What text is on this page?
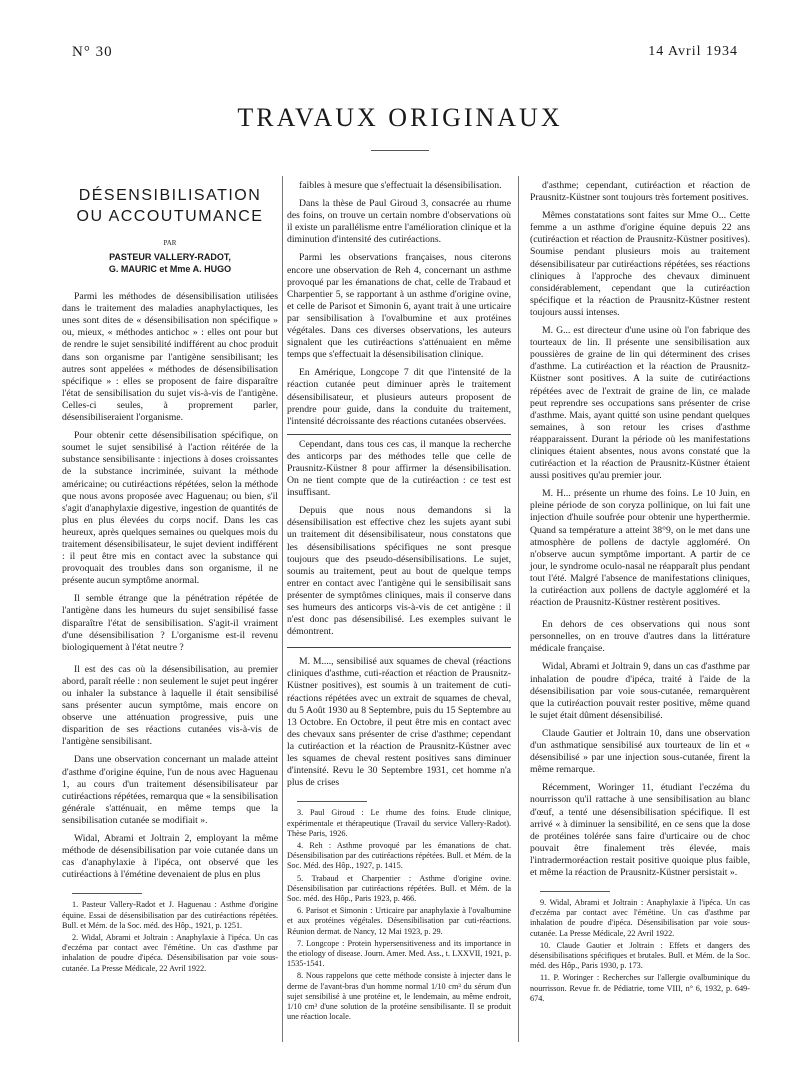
N° 30	14 Avril 1934
TRAVAUX ORIGINAUX
DÉSENSIBILISATION
OU ACCOUTUMANCE
PAR
PASTEUR VALLERY-RADOT,
G. MAURIC et Mme A. HUGO

Parmi les méthodes de désensibilisation utilisées dans le traitement des maladies anaphylactiques, les unes sont dites de « désensibilisation non spécifique » ou, mieux, « méthodes antichoc » : elles ont pour but de rendre le sujet sensibilité indifférent au choc produit dans son organisme par l'antigène sensibilisant; les autres sont appelées « méthodes de désensibilisation spécifique » : elles se proposent de faire disparaître l'état de sensibilisation du sujet vis-à-vis de l'antigène. Celles-ci seules, à proprement parler, désensibiliseraient l'organisme.

Pour obtenir cette désensibilisation spécifique, on soumet le sujet sensibilisé à l'action réitérée de la substance sensibilisante : injections à doses croissantes de la substance incriminée, suivant la méthode américaine; ou cutiréactions répétées, selon la méthode que nous avons proposée avec Haguenau; ou bien, s'il s'agit d'anaphylaxie digestive, ingestion de quantités de plus en plus élevées du corps nocif. Dans les cas heureux, après quelques semaines ou quelques mois du traitement désensibilisateur, le sujet devient indifférent : il peut être mis en contact avec la substance qui provoquait des troubles dans son organisme, il ne présente aucun symptôme anormal.

Il semble étrange que la pénétration répétée de l'antigène dans les humeurs du sujet sensibilisé fasse disparaître l'état de sensibilisation. S'agit-il vraiment d'une désensibilisation ? L'organisme est-il revenu biologiquement à l'état neutre ?

Il est des cas où la désensibilisation, au premier abord, paraît réelle : non seulement le sujet peut ingérer ou inhaler la substance à laquelle il était sensibilisé sans présenter aucun symptôme, mais encore on observe une atténuation progressive, puis une disparition de ses réactions cutanées vis-à-vis de l'antigène sensibilisant.

Dans une observation concernant un malade atteint d'asthme d'origine équine, l'un de nous avec Haguenau 1, au cours d'un traitement désensibilisateur par cutiréactions répétées, remarqua que « la sensibilisation générale s'atténuait, en même temps que la sensibilisation cutanée se modifiait ».

Widal, Abrami et Joltrain 2, employant la même méthode de désensibilisation par voie cutanée dans un cas d'anaphylaxie à l'ipéca, ont observé que les cutiréactions à l'émétine devenaient de plus en plus

1. Pasteur Vallery-Radot et J. Haguenau : Asthme d'origine équine. Essai de désensibilisation par des cutiréactions répétées. Bull. et Mém. de la Soc. méd. des Hôp., 1921, p. 1251.
2. Widal, Abrami et Joltrain : Anaphylaxie à l'ipéca. Un cas d'eczéma par contact avec l'émétine. Un cas d'asthme par inhalation de poudre d'ipéca. Désensibilisation par voie sous-cutanée. La Presse Médicale, 22 Avril 1922.

faibles à mesure que s'effectuait la désensibilisation.

Dans la thèse de Paul Giroud 3, consacrée au rhume des foins, on trouve un certain nombre d'observations où il existe un parallélisme entre l'amélioration clinique et la diminution d'intensité des cutiréactions.

Parmi les observations françaises, nous citerons encore une observation de Reh 4, concernant un asthme provoqué par les émanations de chat, celle de Trabaud et Charpentier 5, se rapportant à un asthme d'origine ovine, et celle de Parisot et Simonin 6, ayant trait à une urticaire par sensibilisation à l'ovalbumine et aux protéines végétales. Dans ces diverses observations, les auteurs signalent que les cutiréactions s'atténuaient en même temps que s'effectuait la désensibilisation clinique.

En Amérique, Longcope 7 dit que l'intensité de la réaction cutanée peut diminuer après le traitement désensibilisateur, et plusieurs auteurs proposent de prendre pour guide, dans la conduite du traitement, l'intensité décroissante des réactions cutanées observées.

Cependant, dans tous ces cas, il manque la recherche des anticorps par des méthodes telle que celle de Prausnitz-Küstner 8 pour affirmer la désensibilisation. On ne tient compte que de la cutiréaction : ce test est insuffisant.

Depuis que nous nous demandons si la désensibilisation est effective chez les sujets ayant subi un traitement dit désensibilisateur, nous constatons que les désensibilisations spécifiques ne sont presque toujours que des pseudo-désensibilisations. Le sujet, soumis au traitement, peut au bout de quelque temps entrer en contact avec l'antigène qui le sensibilisait sans présenter de symptômes cliniques, mais il conserve dans ses humeurs des anticorps vis-à-vis de cet antigène : il n'est donc pas désensibilisé. Les exemples suivant le démontrent.

M. M...., sensibilisé aux squames de cheval (réactions cliniques d'asthme, cuti-réaction et réaction de Prausnitz-Küstner positives), est soumis à un traitement de cuti-réactions répétées avec un extrait de squames de cheval, du 5 Août 1930 au 8 Septembre, puis du 15 Septembre au 13 Octobre. En Octobre, il peut être mis en contact avec des chevaux sans présenter de crise d'asthme; cependant la cutiréaction et la réaction de Prausnitz-Küstner avec les squames de cheval restent positives sans diminuer d'intensité. Revu le 30 Septembre 1931, cet homme n'a plus de crises

3. Paul Giroud : Le rhume des foins. Etude clinique, expérimentale et thérapeutique (Travail du service Vallery-Radot). Thèse Paris, 1926.
4. Reh : Asthme provoqué par les émanations de chat. Désensibilisation par des cutiréactions répétées. Bull. et Mém. de la Soc. Méd. des Hôp., 1927, p. 1415.
5. Trabaud et Charpentier : Asthme d'origine ovine. Désensibilisation par cutiréactions répétées. Bull. et Mém. de la Soc. méd. des Hôp., Paris 1923, p. 466.
6. Parisot et Simonin : Urticaire par anaphylaxie à l'ovalbumine et aux protéines végétales. Désensibilisation par cuti-réactions. Réunion dermat. de Nancy, 12 Mai 1923, p. 29.
7. Longcope : Protein hypersensitiveness and its importance in the etiology of disease. Journ. Amer. Med. Ass., t. LXXVII, 1921, p. 1535-1541.
8. Nous rappelons que cette méthode consiste à injecter dans le derme de l'avant-bras d'un homme normal 1/10 cm³ du sérum d'un sujet sensibilisé à une protéine et, le lendemain, au même endroit, 1/10 cm³ d'une solution de la protéine sensibilisante. Il se produit une réaction locale.

d'asthme; cependant, cutiréaction et réaction de Prausnitz-Küstner sont toujours très fortement positives.

Mêmes constatations sont faites sur Mme O... Cette femme a un asthme d'origine équine depuis 22 ans (cutiréaction et réaction de Prausnitz-Küstner positives). Soumise pendant plusieurs mois au traitement désensibilisateur par cutiréactions répétées, ses réactions cliniques à l'approche des chevaux diminuent considérablement, cependant que la cutiréaction spécifique et la réaction de Prausnitz-Küstner restent toujours aussi intenses.

M. G... est directeur d'une usine où l'on fabrique des tourteaux de lin. Il présente une sensibilisation aux poussières de graine de lin qui déterminent des crises d'asthme. La cutiréaction et la réaction de Prausnitz-Küstner sont positives. A la suite de cutiréactions répétées avec de l'extrait de graine de lin, ce malade peut reprendre ses occupations sans présenter de crise d'asthme. Mais, ayant quitté son usine pendant quelques semaines, à son retour les crises d'asthme réapparaissent. Durant la période où les manifestations cliniques étaient absentes, nous avons constaté que la cutiréaction et la réaction de Prausnitz-Küstner étaient aussi positives qu'au premier jour.

M. H... présente un rhume des foins. Le 10 Juin, en pleine période de son coryza pollinique, on lui fait une injection d'huile soufrée pour obtenir une hyperthermie. Quand sa température a atteint 38°9, on le met dans une atmosphère de pollens de dactyle aggloméré. On n'observe aucun symptôme important. A partir de ce jour, le syndrome oculo-nasal ne réapparaît plus pendant tout l'été. Malgré l'absence de manifestations cliniques, la cutiréaction aux pollens de dactyle aggloméré et la réaction de Prausnitz-Küstner restèrent positives.

En dehors de ces observations qui nous sont personnelles, on en trouve d'autres dans la littérature médicale française.

Widal, Abrami et Joltrain 9, dans un cas d'asthme par inhalation de poudre d'ipéca, traité à l'aide de la désensibilisation par voie sous-cutanée, remarquèrent que la cutiréaction pouvait rester positive, même quand le sujet était dûment désensibilisé.

Claude Gautier et Joltrain 10, dans une observation d'un asthmatique sensibilisé aux tourteaux de lin et « désensibilisé » par une injection sous-cutanée, firent la même remarque.

Récemment, Woringer 11, étudiant l'eczéma du nourrisson qu'il rattache à une sensibilisation au blanc d'œuf, a tenté une désensibilisation spécifique. Il est arrivé « à diminuer la sensibilité, en ce sens que la dose de protéines tolérée sans faire d'urticaire ou de choc pouvait être finalement très élevée, mais l'intradermoréaction restait positive quoique plus faible, et même la réaction de Prausnitz-Küstner persistait ».

9. Widal, Abrami et Joltrain : Anaphylaxie à l'ipéca. Un cas d'eczéma par contact avec l'émétine. Un cas d'asthme par inhalation de poudre d'ipéca. Désensibilisation par voie sous-cutanée. La Presse Médicale, 22 Avril 1922.
10. Claude Gautier et Joltrain : Effets et dangers des désensibilisations spécifiques et brutales. Bull. et Mém. de la Soc. méd. des Hôp., Paris 1930, p. 173.
11. P. Woringer : Recherches sur l'allergie ovalbuminique du nourrisson. Revue fr. de Pédiatrie, tome VIII, n° 6, 1932, p. 649-674.
